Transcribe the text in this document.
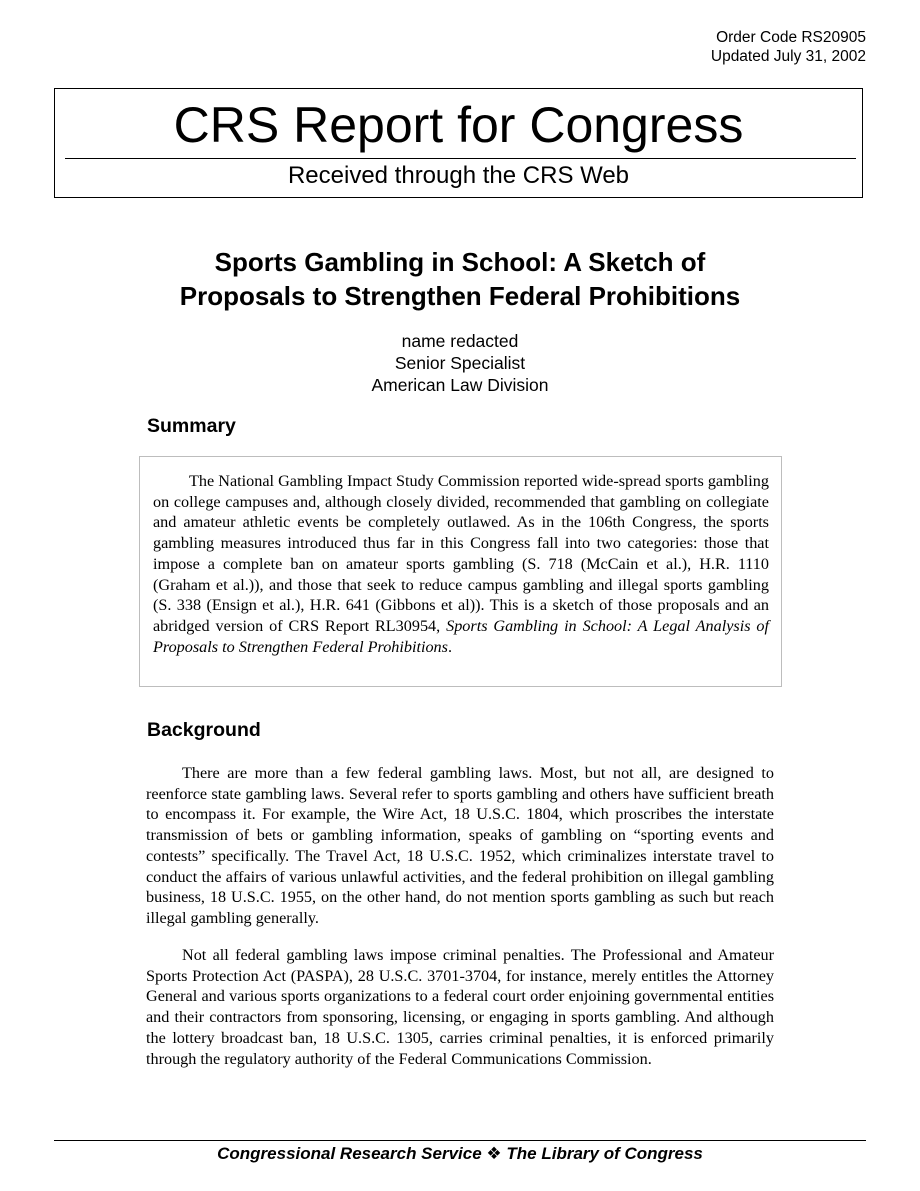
Order Code RS20905
Updated July 31, 2002
CRS Report for Congress
Received through the CRS Web
Sports Gambling in School: A Sketch of
Proposals to Strengthen Federal Prohibitions
name redacted
Senior Specialist
American Law Division
Summary

The National Gambling Impact Study Commission reported wide-spread sports gambling on college campuses and, although closely divided, recommended that gambling on collegiate and amateur athletic events be completely outlawed. As in the 106th Congress, the sports gambling measures introduced thus far in this Congress fall into two categories: those that impose a complete ban on amateur sports gambling (S. 718 (McCain et al.), H.R. 1110 (Graham et al.)), and those that seek to reduce campus gambling and illegal sports gambling (S. 338 (Ensign et al.), H.R. 641 (Gibbons et al)). This is a sketch of those proposals and an abridged version of CRS Report RL30954, Sports Gambling in School: A Legal Analysis of Proposals to Strengthen Federal Prohibitions.

Background

There are more than a few federal gambling laws. Most, but not all, are designed to reenforce state gambling laws. Several refer to sports gambling and others have sufficient breath to encompass it. For example, the Wire Act, 18 U.S.C. 1804, which proscribes the interstate transmission of bets or gambling information, speaks of gambling on “sporting events and contests” specifically. The Travel Act, 18 U.S.C. 1952, which criminalizes interstate travel to conduct the affairs of various unlawful activities, and the federal prohibition on illegal gambling business, 18 U.S.C. 1955, on the other hand, do not mention sports gambling as such but reach illegal gambling generally.

Not all federal gambling laws impose criminal penalties. The Professional and Amateur Sports Protection Act (PASPA), 28 U.S.C. 3701-3704, for instance, merely entitles the Attorney General and various sports organizations to a federal court order enjoining governmental entities and their contractors from sponsoring, licensing, or engaging in sports gambling. And although the lottery broadcast ban, 18 U.S.C. 1305, carries criminal penalties, it is enforced primarily through the regulatory authority of the Federal Communications Commission.

Congressional Research Service ❖ The Library of Congress
